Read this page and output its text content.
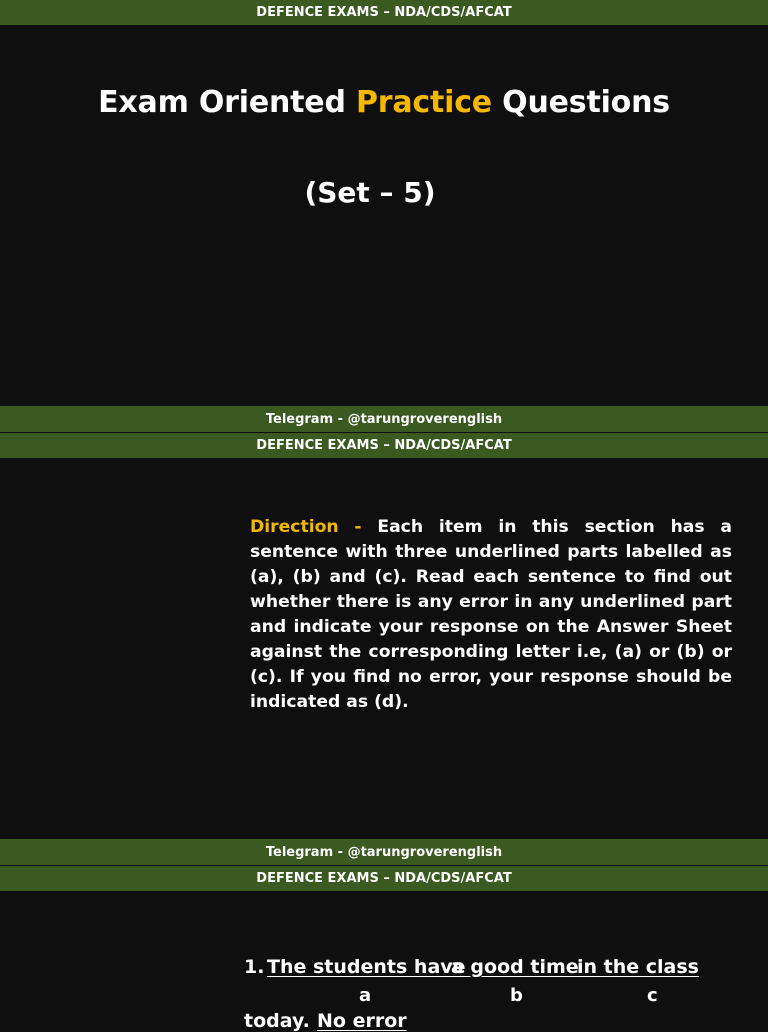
DEFENCE EXAMS – NDA/CDS/AFCAT
Exam Oriented Practice Questions
(Set – 5)
Telegram - @tarungroverenglish
DEFENCE EXAMS – NDA/CDS/AFCAT
Direction - Each item in this section has a sentence with three underlined parts labelled as (a), (b) and (c). Read each sentence to find out whether there is any error in any underlined part and indicate your response on the Answer Sheet against the corresponding letter i.e, (a) or (b) or (c). If you find no error, your response should be indicated as (d).
Telegram - @tarungroverenglish
DEFENCE EXAMS – NDA/CDS/AFCAT
1. The students have
a good time
in the class
a	b	c
today. No error
